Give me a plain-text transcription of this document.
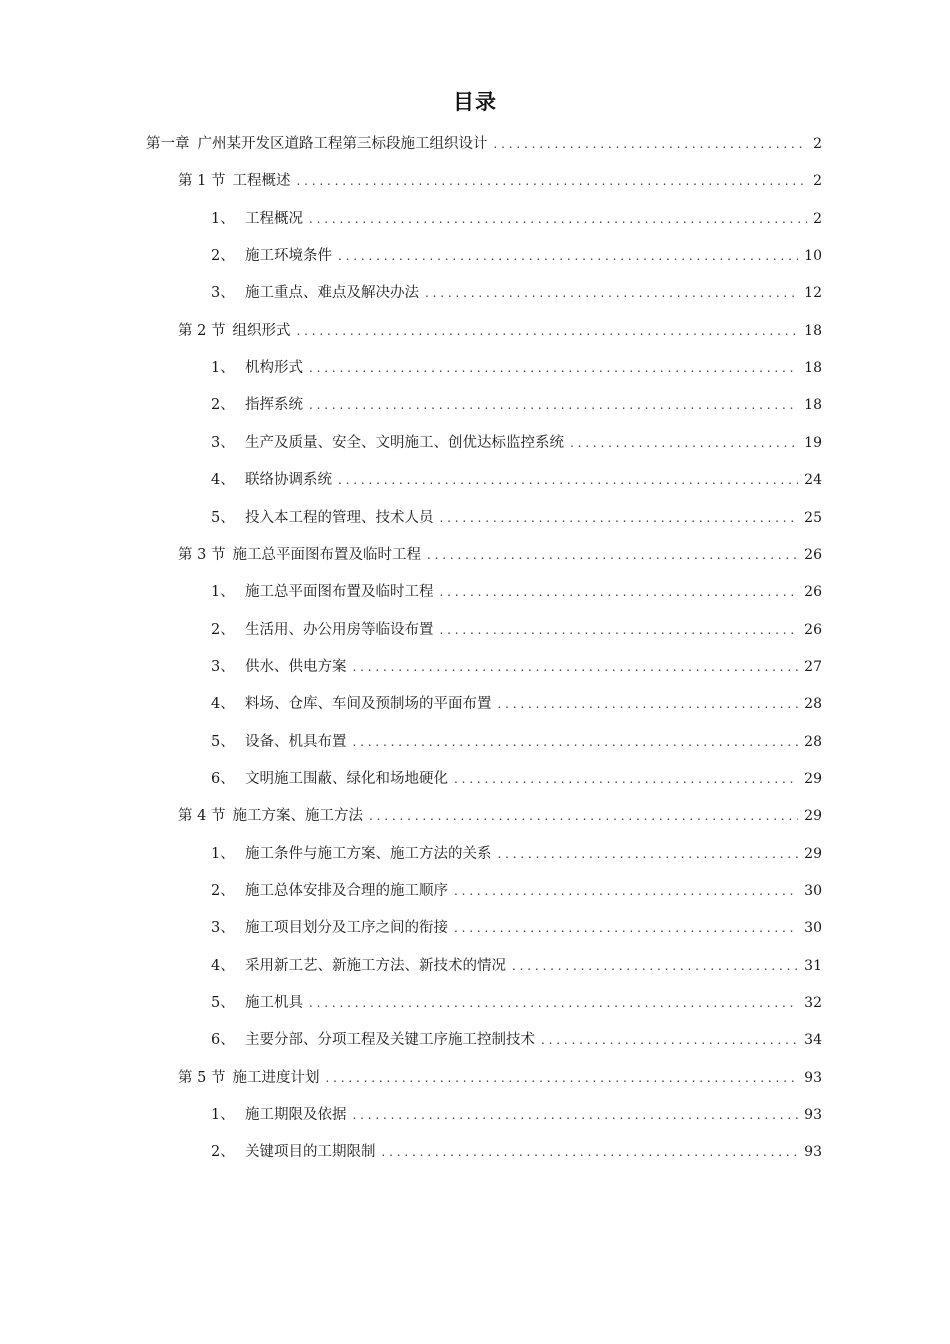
目录
第一章 广州某开发区道路工程第三标段施工组织设计 . . .	2
第 1 节 工程概述 . . .	2
1、 工程概况 . . .	2
2、 施工环境条件 . . .	10
3、 施工重点、难点及解决办法 . . .	12
第 2 节 组织形式 . . .	18
1、 机构形式 . . .	18
2、 指挥系统 . . .	18
3、 生产及质量、安全、文明施工、创优达标监控系统 . . .	19
4、 联络协调系统 . . .	24
5、 投入本工程的管理、技术人员 . . .	25
第 3 节 施工总平面图布置及临时工程 . . .	26
1、 施工总平面图布置及临时工程 . . .	26
2、 生活用、办公用房等临设布置 . . .	26
3、 供水、供电方案 . . .	27
4、 料场、仓库、车间及预制场的平面布置 . . .	28
5、 设备、机具布置 . . .	28
6、 文明施工围蔽、绿化和场地硬化 . . .	29
第 4 节 施工方案、施工方法 . . .	29
1、 施工条件与施工方案、施工方法的关系 . . .	29
2、 施工总体安排及合理的施工顺序 . . .	30
3、 施工项目划分及工序之间的衔接 . . .	30
4、 采用新工艺、新施工方法、新技术的情况 . . .	31
5、 施工机具 . . .	32
6、 主要分部、分项工程及关键工序施工控制技术 . . .	34
第 5 节 施工进度计划 . . .	93
1、 施工期限及依据 . . .	93
2、 关键项目的工期限制 . . .	93
